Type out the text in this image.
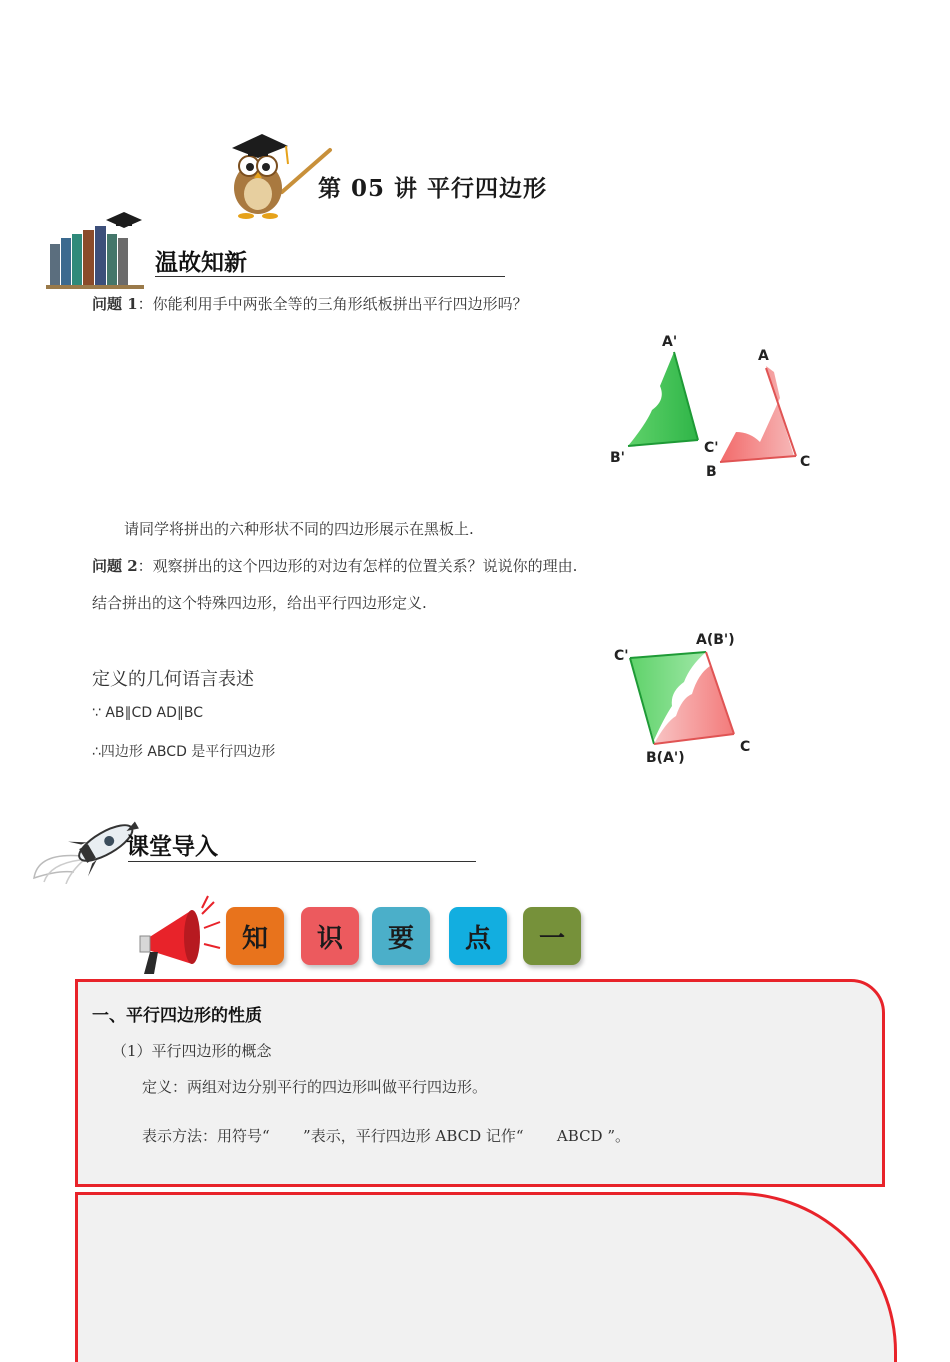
第 05 讲 平行四边形
温故知新
问题 1：你能利用手中两张全等的三角形纸板拼出平行四边形吗？
A'
B'
C'
A
B
C
请同学将拼出的六种形状不同的四边形展示在黑板上.
问题 2：观察拼出的这个四边形的对边有怎样的位置关系？说说你的理由.
结合拼出的这个特殊四边形，给出平行四边形定义.
A(B')
C'
B(A')
C
定义的几何语言表述
∵ AB∥CD AD∥BC
∴四边形 ABCD 是平行四边形
课堂导入
知	识	要	点	一
一、平行四边形的性质
（1）平行四边形的概念
定义：两组对边分别平行的四边形叫做平行四边形。
表示方法：用符号“       ”表示，平行四边形 ABCD 记作“       ABCD ”。
